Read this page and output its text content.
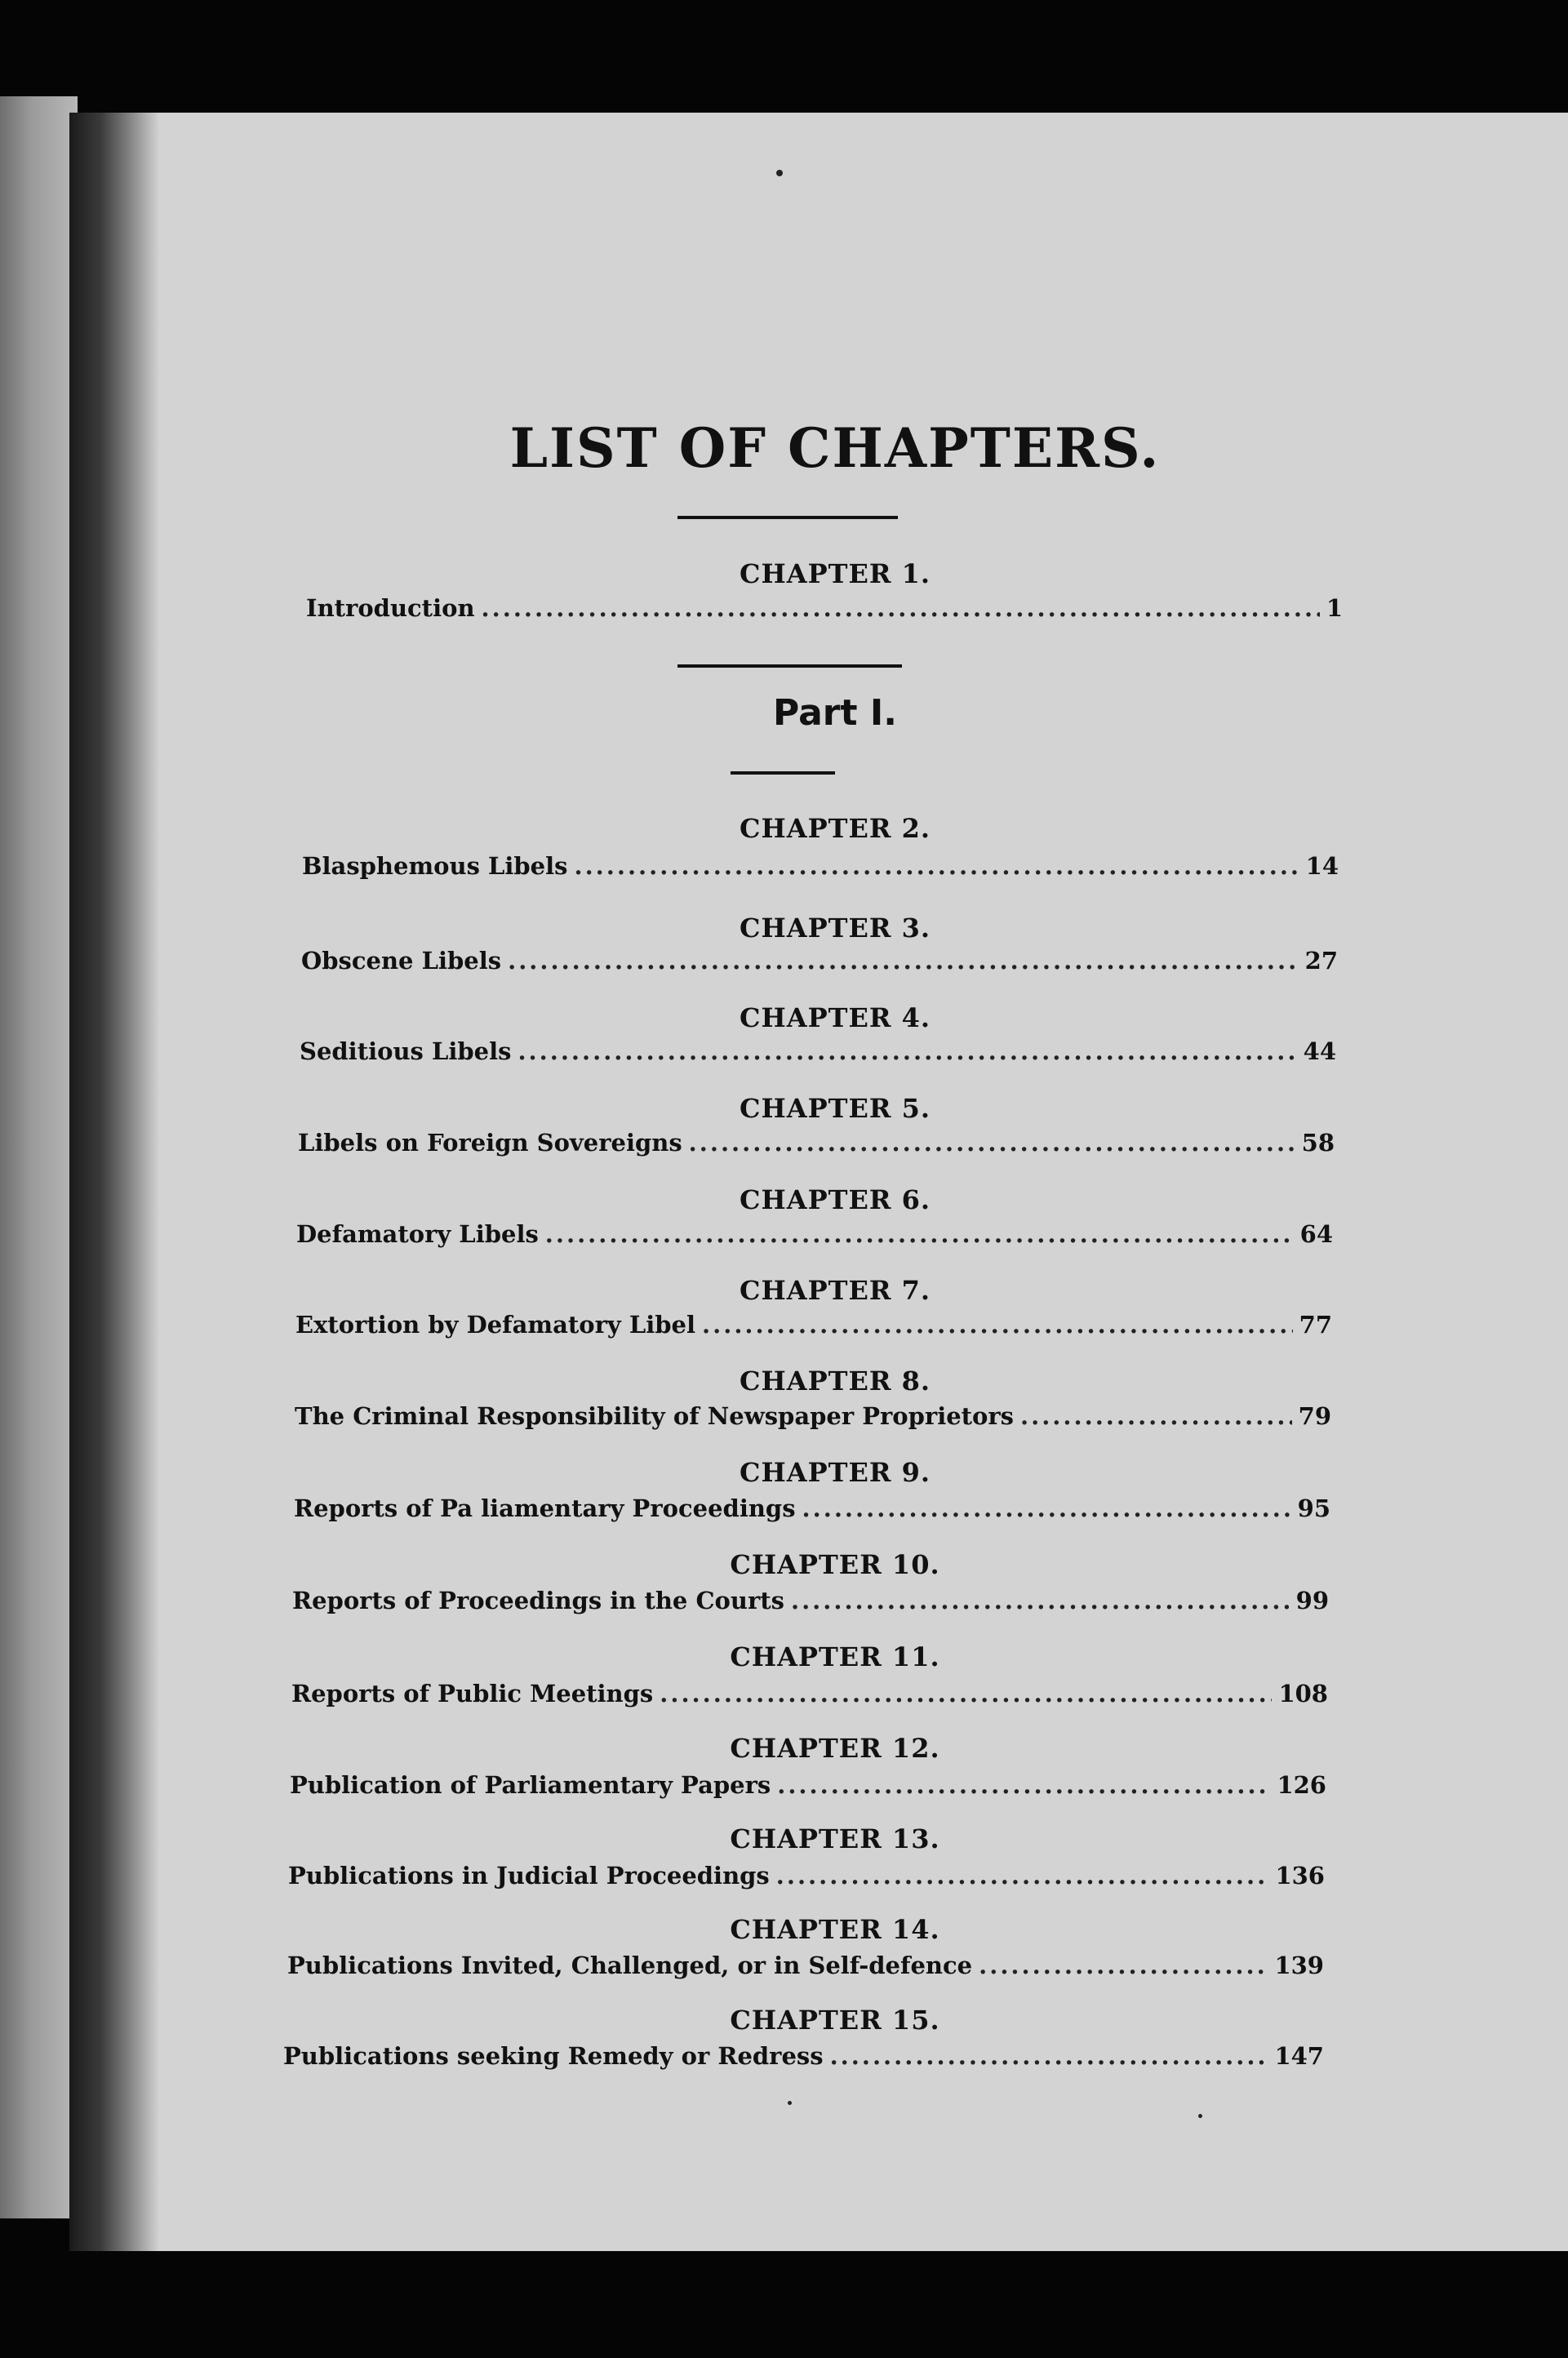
LIST OF CHAPTERS.
CHAPTER 1.
Introduction .....	1
Part I.
CHAPTER 2.
Blasphemous Libels .....	14
CHAPTER 3.
Obscene Libels .....	27
CHAPTER 4.
Seditious Libels .....	44
CHAPTER 5.
Libels on Foreign Sovereigns .....	58
CHAPTER 6.
Defamatory Libels .....	64
CHAPTER 7.
Extortion by Defamatory Libel .....	77
CHAPTER 8.
The Criminal Responsibility of Newspaper Proprietors .....	79
CHAPTER 9.
Reports of Pa liamentary Proceedings .....	95
CHAPTER 10.
Reports of Proceedings in the Courts .....	99
CHAPTER 11.
Reports of Public Meetings .....	108
CHAPTER 12.
Publication of Parliamentary Papers .....	126
CHAPTER 13.
Publications in Judicial Proceedings .....	136
CHAPTER 14.
Publications Invited, Challenged, or in Self-defence .....	139
CHAPTER 15.
Publications seeking Remedy or Redress .....	147
